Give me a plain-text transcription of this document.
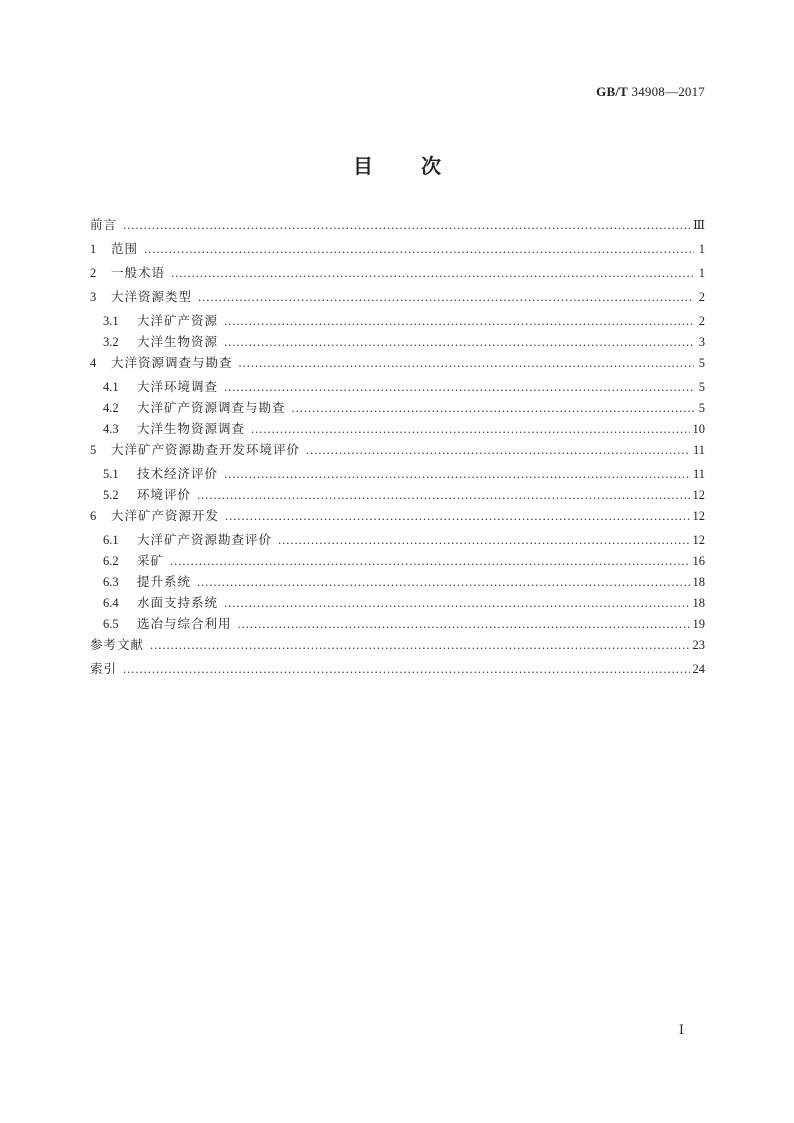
GB/T 34908—2017
目次
前言 .....	Ⅲ
1	范围 .....	1
2	一般术语 .....	1
3	大洋资源类型 .....	2
3.1	大洋矿产资源 .....	2
3.2	大洋生物资源 .....	3
4	大洋资源调查与勘查 .....	5
4.1	大洋环境调查 .....	5
4.2	大洋矿产资源调查与勘查 .....	5
4.3	大洋生物资源调查 .....	10
5	大洋矿产资源勘查开发环境评价 .....	11
5.1	技术经济评价 .....	11
5.2	环境评价 .....	12
6	大洋矿产资源开发 .....	12
6.1	大洋矿产资源勘查评价 .....	12
6.2	采矿 .....	16
6.3	提升系统 .....	18
6.4	水面支持系统 .....	18
6.5	选冶与综合利用 .....	19
参考文献 .....	23
索引 .....	24
Ⅰ
